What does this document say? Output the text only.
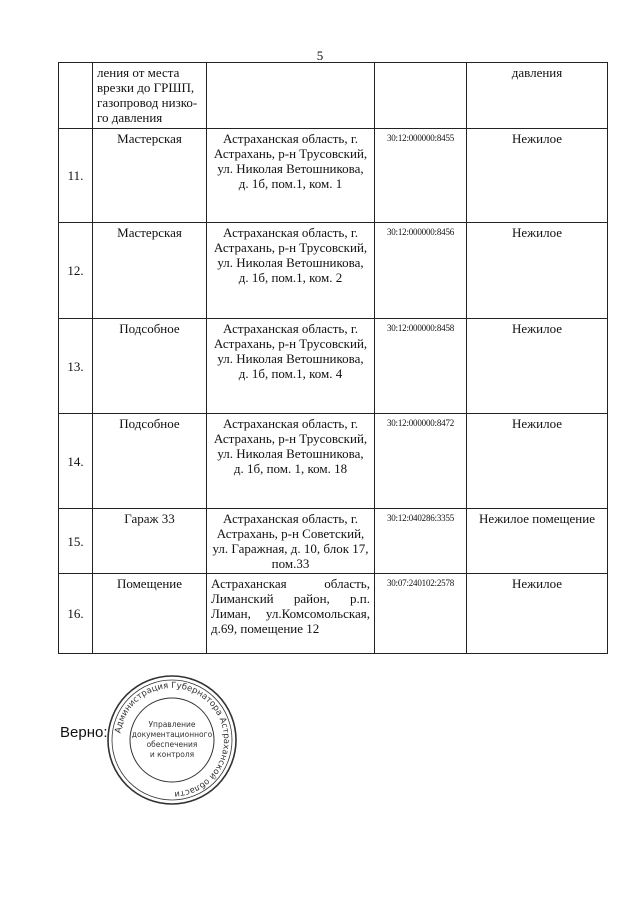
5
	ления от места врезки до ГРШП, газопровод низко-го давления			давления
11.	Мастерская	Астраханская область, г. Астрахань, р-н Трусовский, ул. Николая Ветошникова, д. 1б, пом.1, ком. 1	30:12:000000:8455	Нежилое
12.	Мастерская	Астраханская область, г. Астрахань, р-н Трусовский, ул. Николая Ветошникова, д. 1б, пом.1, ком. 2	30:12:000000:8456	Нежилое
13.	Подсобное	Астраханская область, г. Астрахань, р-н Трусовский, ул. Николая Ветошникова, д. 1б, пом.1, ком. 4	30:12:000000:8458	Нежилое
14.	Подсобное	Астраханская область, г. Астрахань, р-н Трусовский, ул. Николая Ветошникова, д. 1б, пом. 1, ком. 18	30:12:000000:8472	Нежилое
15.	Гараж 33	Астраханская область, г. Астрахань, р-н Советский, ул. Гаражная, д. 10, блок 17, пом.33	30:12:040286:3355	Нежилое помещение
16.	Помещение	Астраханская область, Лиманский район, р.п. Лиман, ул.Комсомольская, д.69, помещение 12	30:07:240102:2578	Нежилое
Верно: Администрация Губернатора Астраханской области
Управление
документационного
обеспечения
и контроля
